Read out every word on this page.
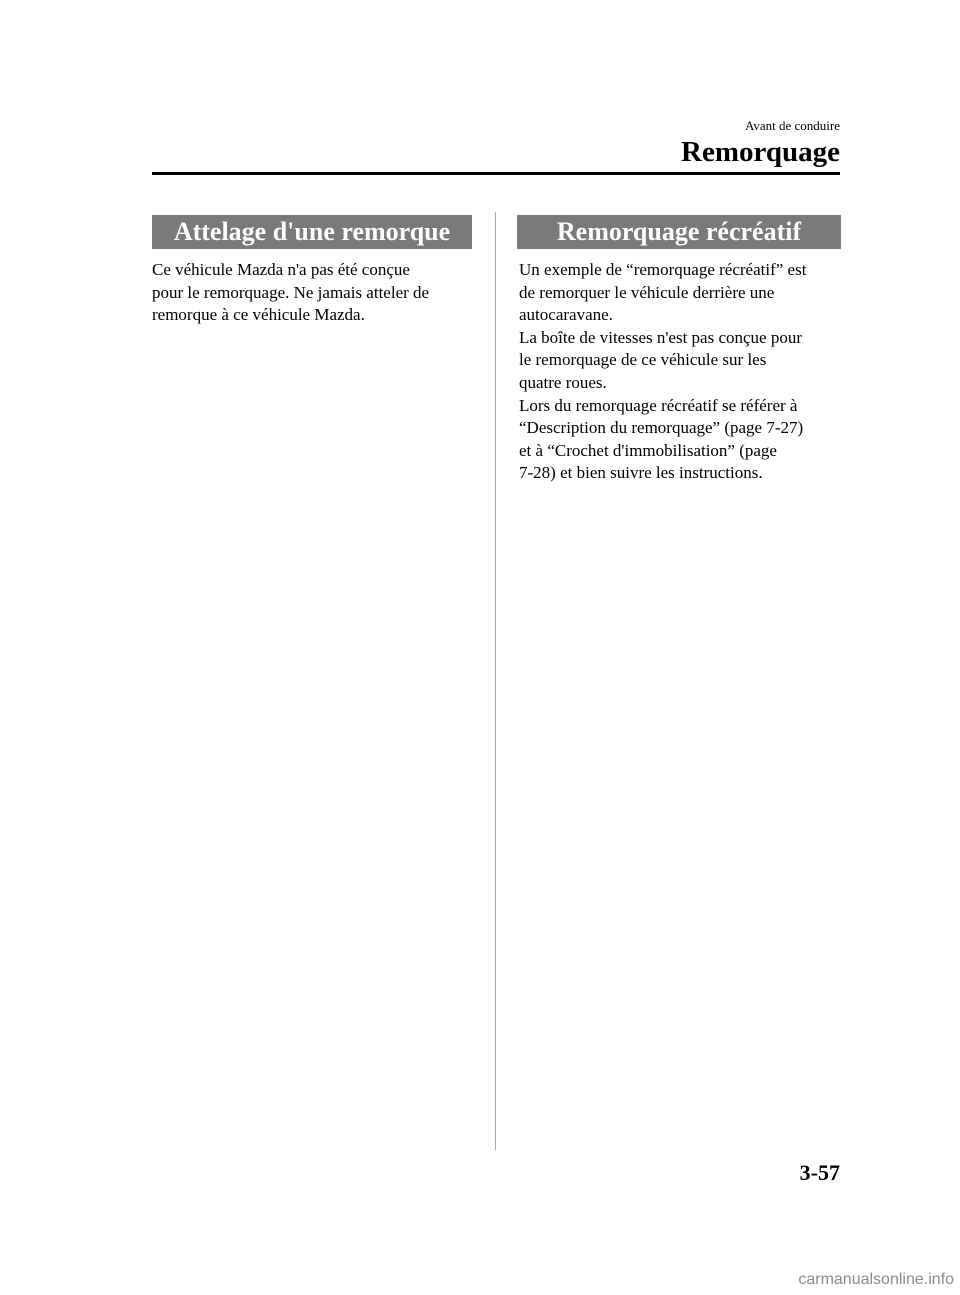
Avant de conduire
Remorquage
Attelage d'une remorque

Ce véhicule Mazda n'a pas été conçue
pour le remorquage. Ne jamais atteler de
remorque à ce véhicule Mazda.

Remorquage récréatif

Un exemple de “remorquage récréatif” est
de remorquer le véhicule derrière une
autocaravane.
La boîte de vitesses n'est pas conçue pour
le remorquage de ce véhicule sur les
quatre roues.
Lors du remorquage récréatif se référer à
“Description du remorquage” (page 7-27)
et à “Crochet d'immobilisation” (page
7-28) et bien suivre les instructions.

3-57
carmanualsonline.info
